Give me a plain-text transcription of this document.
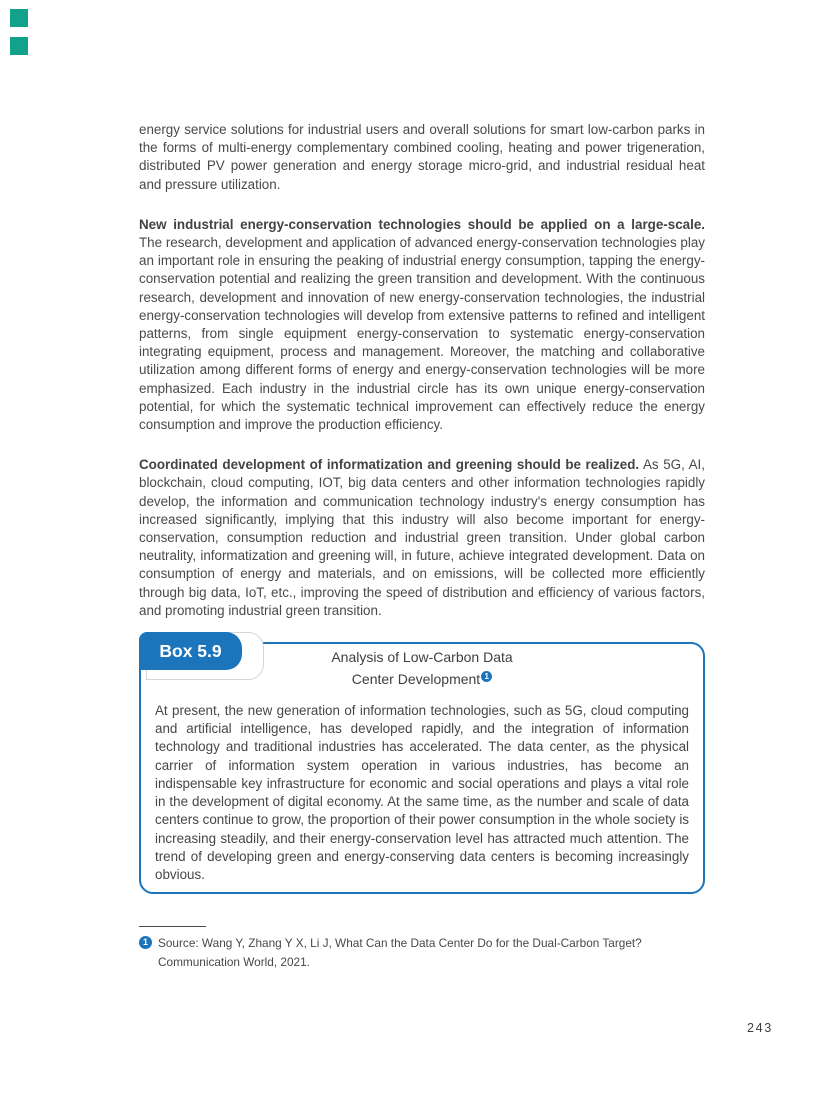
energy service solutions for industrial users and overall solutions for smart low-carbon parks in the forms of multi-energy complementary combined cooling, heating and power trigeneration, distributed PV power generation and energy storage micro-grid, and industrial residual heat and pressure utilization.

New industrial energy-conservation technologies should be applied on a large-scale. The research, development and application of advanced energy-conservation technologies play an important role in ensuring the peaking of industrial energy consumption, tapping the energy-conservation potential and realizing the green transition and development. With the continuous research, development and innovation of new energy-conservation technologies, the industrial energy-conservation technologies will develop from extensive patterns to refined and intelligent patterns, from single equipment energy-conservation to systematic energy-conservation integrating equipment, process and management. Moreover, the matching and collaborative utilization among different forms of energy and energy-conservation technologies will be more emphasized. Each industry in the industrial circle has its own unique energy-conservation potential, for which the systematic technical improvement can effectively reduce the energy consumption and improve the production efficiency.

Coordinated development of informatization and greening should be realized. As 5G, AI, blockchain, cloud computing, IOT, big data centers and other information technologies rapidly develop, the information and communication technology industry's energy consumption has increased significantly, implying that this industry will also become important for energy-conservation, consumption reduction and industrial green transition. Under global carbon neutrality, informatization and greening will, in future, achieve integrated development. Data on consumption of energy and materials, and on emissions, will be collected more efficiently through big data, IoT, etc., improving the speed of distribution and efficiency of various factors, and promoting industrial green transition.

Box 5.9	Analysis of Low-Carbon Data
Center Development $^1$

At present, the new generation of information technologies, such as 5G, cloud computing and artificial intelligence, has developed rapidly, and the integration of information technology and traditional industries has accelerated. The data center, as the physical carrier of information system operation in various industries, has become an indispensable key infrastructure for economic and social operations and plays a vital role in the development of digital economy. At the same time, as the number and scale of data centers continue to grow, the proportion of their power consumption in the whole society is increasing steadily, and their energy-conservation level has attracted much attention. The trend of developing green and energy-conserving data centers is becoming increasingly obvious.

1 Source: Wang Y, Zhang Y X, Li J, What Can the Data Center Do for the Dual-Carbon Target? Communication World, 2021.
243
